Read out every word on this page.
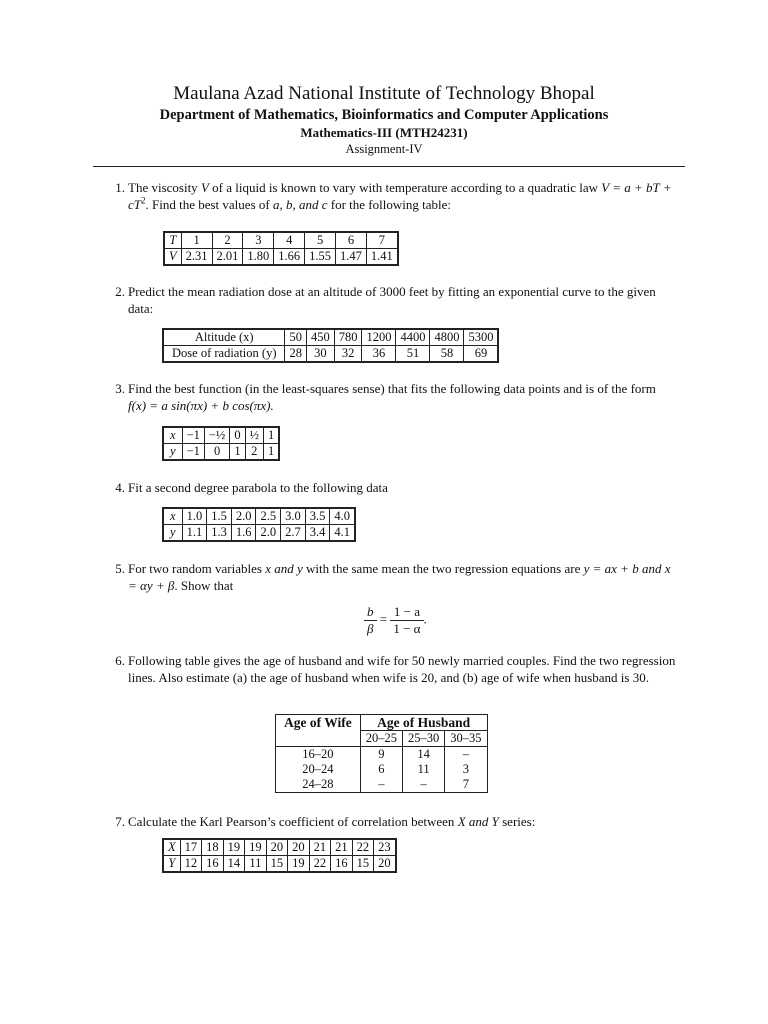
Maulana Azad National Institute of Technology Bhopal
Department of Mathematics, Bioinformatics and Computer Applications
Mathematics-III (MTH24231)
Assignment-IV
1. The viscosity V of a liquid is known to vary with temperature according to a quadratic law V = a + bT + $cT^2$. Find the best values of a, b, and c for the following table:
T	1	2	3	4	5	6	7
V	2.31	2.01	1.80	1.66	1.55	1.47	1.41
2. Predict the mean radiation dose at an altitude of 3000 feet by fitting an exponential curve to the given data:
Altitude (x)	50	450	780	1200	4400	4800	5300
Dose of radiation (y)	28	30	32	36	51	58	69
3. Find the best function (in the least-squares sense) that fits the following data points and is of the form f(x) = a sin(πx) + b cos(πx).
x	−1	−½	0	½	1
y	−1	0	1	2	1
4. Fit a second degree parabola to the following data
x	1.0	1.5	2.0	2.5	3.0	3.5	4.0
y	1.1	1.3	1.6	2.0	2.7	3.4	4.1
5. For two random variables x and y with the same mean the two regression equations are y = ax + b and x = αy + β. Show that
$\frac{b}{\beta} = \frac{1 - a}{1 - \alpha}$ .
6. Following table gives the age of husband and wife for 50 newly married couples. Find the two regression lines. Also estimate (a) the age of husband when wife is 20, and (b) age of wife when husband is 30.
Age of Wife	Age of Husband		
	20–25	25–30	30–35
16–20	9	14	–
20–24	6	11	3
24–28	–	–	7
7. Calculate the Karl Pearson’s coefficient of correlation between X and Y series:
X	17	18	19	19	20	20	21	21	22	23
Y	12	16	14	11	15	19	22	16	15	20
